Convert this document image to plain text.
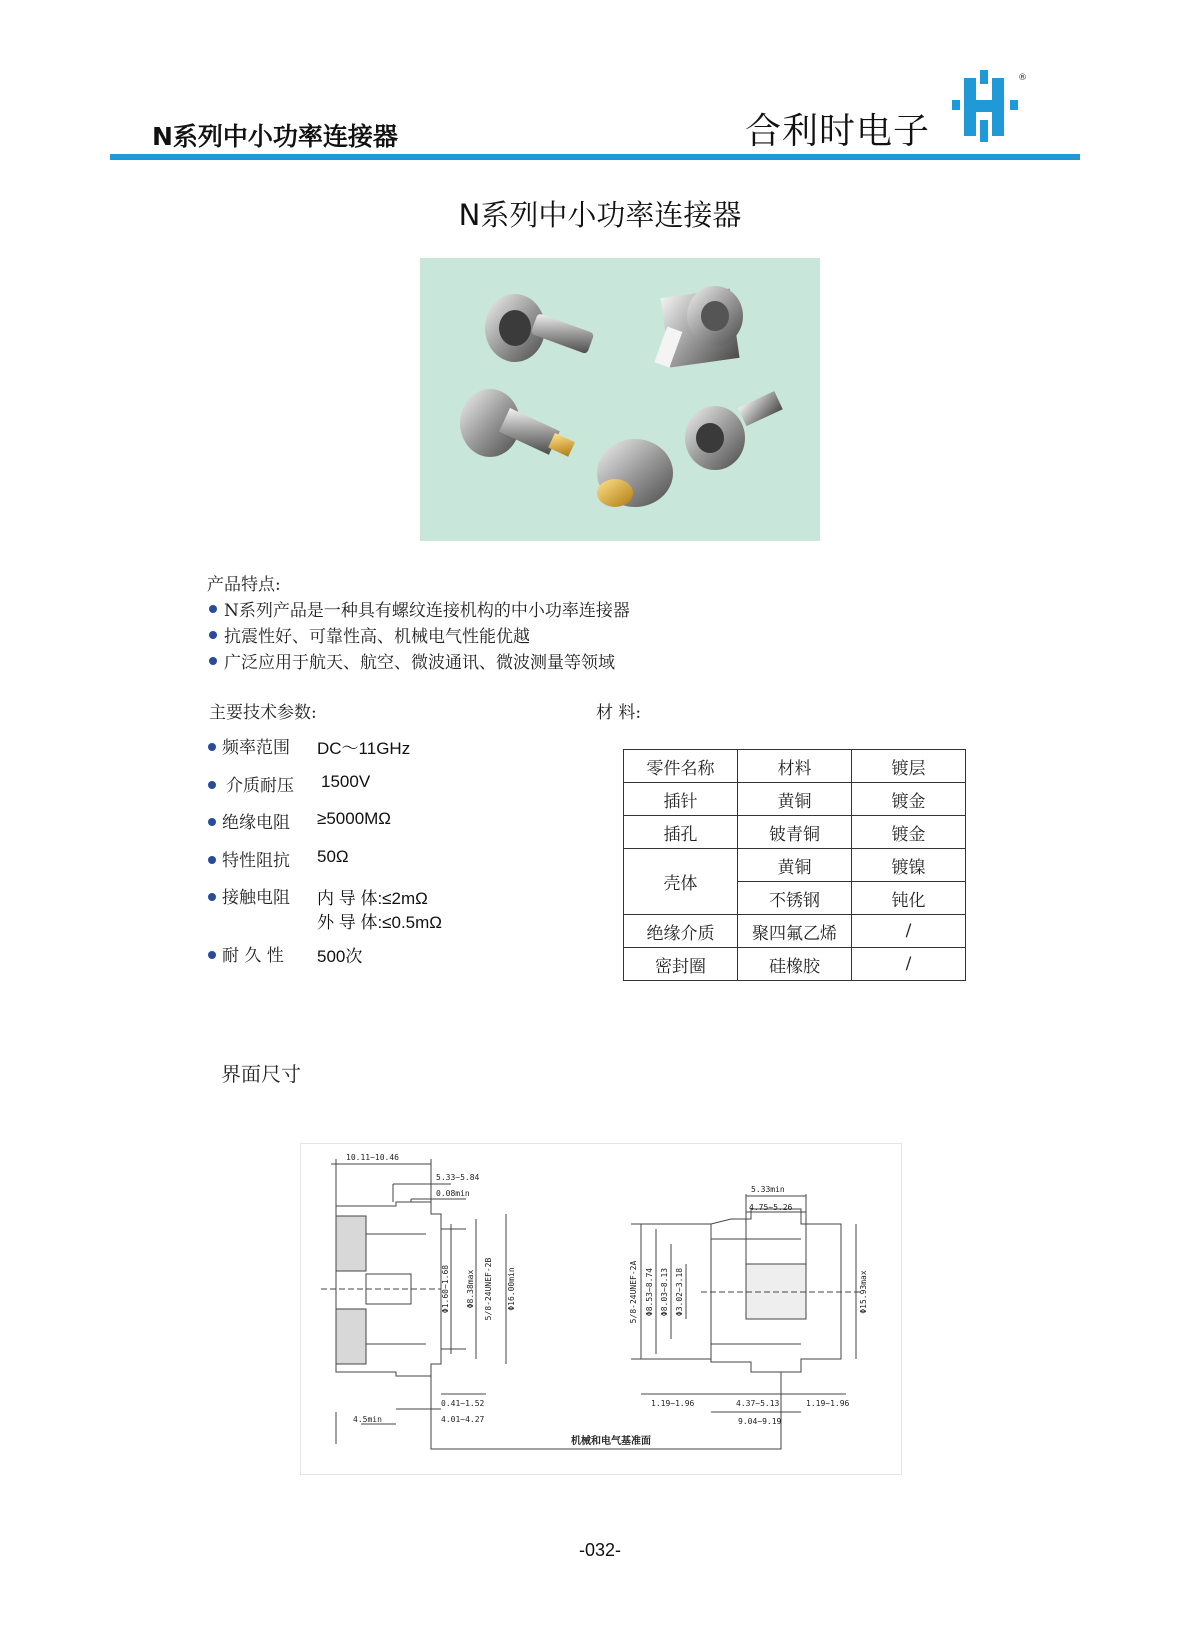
N系列中小功率连接器	合利时电子
®
N系列中小功率连接器
产品特点:
N系列产品是一种具有螺纹连接机构的中小功率连接器
抗震性好、可靠性高、机械电气性能优越
广泛应用于航天、航空、微波通讯、微波测量等领域
主要技术参数:
频率范围 DC～11GHz
介质耐压 1500V
绝缘电阻 ≥5000MΩ
特性阻抗 50Ω
接触电阻 内 导 体:≤2mΩ
外 导 体:≤0.5mΩ
耐 久 性 500次
材 料:
零件名称	材料	镀层
插针	黄铜	镀金
插孔	铍青铜	镀金
壳体	黄铜	镀镍
	不锈钢	钝化
绝缘介质	聚四氟乙烯	/
密封圈	硅橡胶	/
界面尺寸
10.11~10.46
5.33~5.84
0.08min
Φ1.60~1.68 Φ8.38max 5/8-24UNEF-2B Φ16.00min
0.41~1.52
4.5min	4.01~4.27
5.33min
4.75~5.26
5/8-24UNEF-2A Φ8.53~8.74 Φ8.03~8.13 Φ3.02~3.18	Φ15.93max
1.19~1.96	4.37~5.13	1.19~1.96
9.04~9.19
机械和电气基准面
-032-
